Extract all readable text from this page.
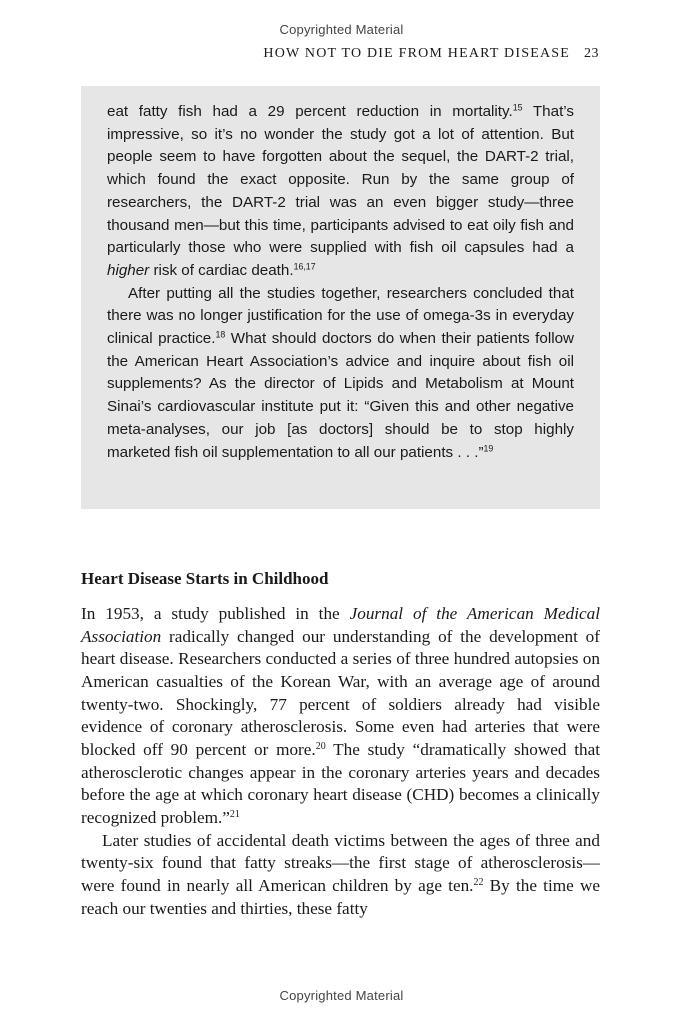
Copyrighted Material
HOW NOT TO DIE FROM HEART DISEASE 23

eat fatty fish had a 29 percent reduction in mortality.$^{15}$ That’s impressive, so it’s no wonder the study got a lot of attention. But people seem to have forgotten about the sequel, the DART-2 trial, which found the exact opposite. Run by the same group of researchers, the DART-2 trial was an even bigger study—three thousand men—but this time, participants advised to eat oily fish and particularly those who were supplied with fish oil capsules had a higher risk of cardiac death.$^{16,17}$

After putting all the studies together, researchers concluded that there was no longer justification for the use of omega-3s in everyday clinical practice.$^{18}$ What should doctors do when their patients follow the American Heart Association’s advice and inquire about fish oil supplements? As the director of Lipids and Metabolism at Mount Sinai’s cardiovascular institute put it: “Given this and other negative meta-analyses, our job [as doctors] should be to stop highly marketed fish oil supplementation to all our patients . . .”$^{19}$

Heart Disease Starts in Childhood

In 1953, a study published in the Journal of the American Medical Association radically changed our understanding of the development of heart disease. Researchers conducted a series of three hundred autopsies on American casualties of the Korean War, with an average age of around twenty-two. Shockingly, 77 percent of soldiers already had visible evidence of coronary atherosclerosis. Some even had arteries that were blocked off 90 percent or more.$^{20}$ The study “dramatically showed that atherosclerotic changes appear in the coronary arteries years and decades before the age at which coronary heart disease (CHD) becomes a clinically recognized problem.”$^{21}$

Later studies of accidental death victims between the ages of three and twenty-six found that fatty streaks—the first stage of atherosclerosis—were found in nearly all American children by age ten.$^{22}$ By the time we reach our twenties and thirties, these fatty

Copyrighted Material
